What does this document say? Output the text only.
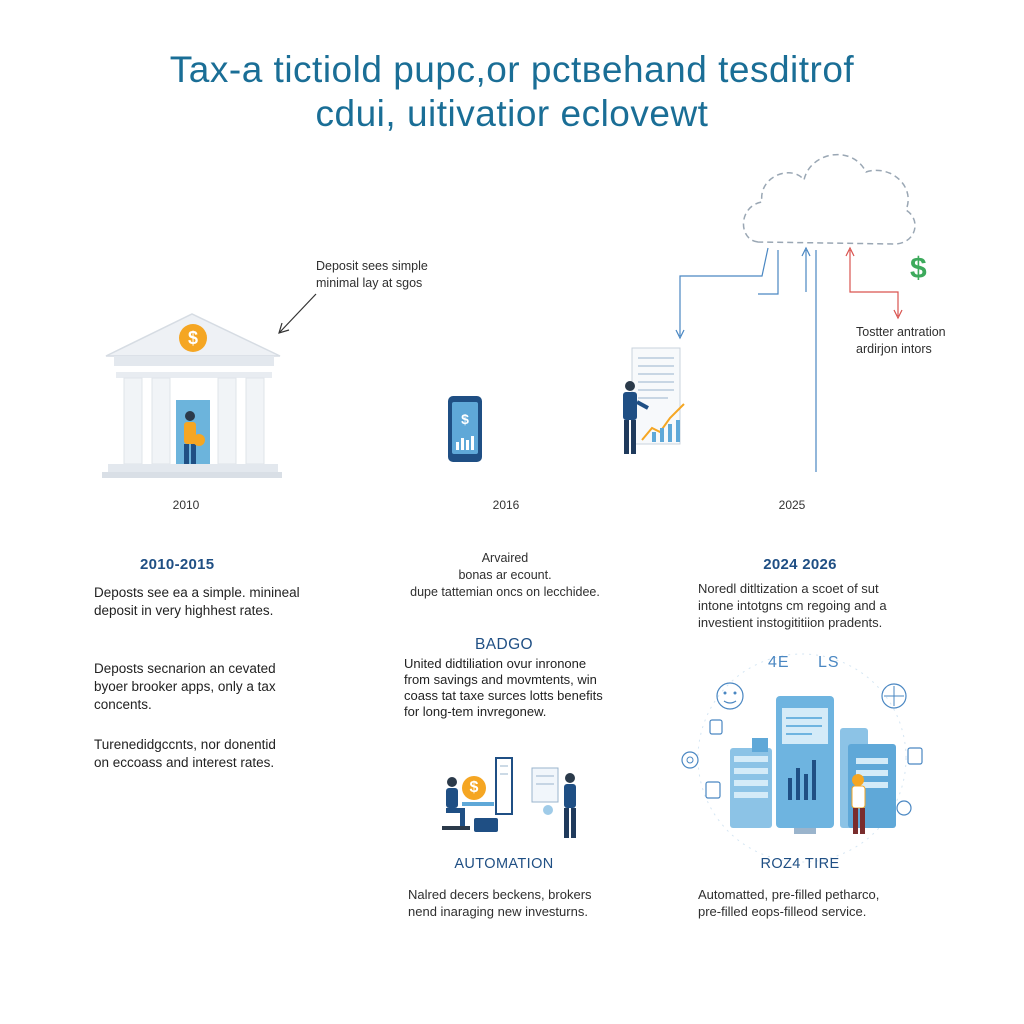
Tax-a tictiold pupc,or pctвehand tesditrof
cdui, uitivatior eclovewt
$
Deposit sees simple
minimal lay at sgos
Tostter antration
ardirjon intors
$
$
2010	2016	2025
2010-2015
Deposts see ea a simple. minineal
deposit in very highhest rates.
Deposts secnarion an cevated
byoer brooker apps, only a tax
concents.
Turenedidgccnts, nor donentid
on eccoass and interest rates.
Arvaired
bonas ar ecount.
dupe tattemian oncs on lecchidee.
BADGO
United didtiliation ovur inronone
from savings and movmtents, win
coass tat taxe surces lotts benefits
for long-tem invregonew.
$
AUTOMATION
Nalred decers beckens, brokers
nend inaraging new investurns.
2024 2026
Noredl ditltization a scoet of sut
intone intotgns cm regoing and a
investient instogititiion pradents.
4E LS
ROZ4 TIRE
Automatted, pre-filled petharco,
pre-filled eops-filleod service.
